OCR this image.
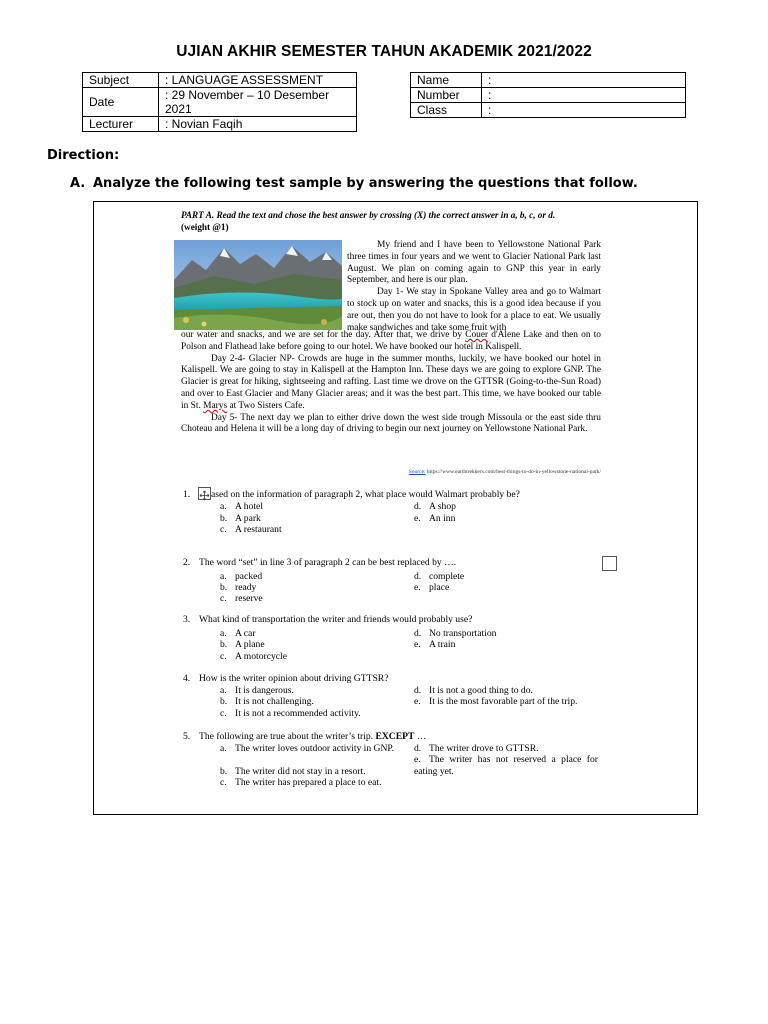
UJIAN AKHIR SEMESTER TAHUN AKADEMIK 2021/2022
Subject	: LANGUAGE ASSESSMENT
Date	: 29 November – 10 Desember 2021
Lecturer	: Novian Faqih
Name	:
Number	:
Class	:
Direction:
A. Analyze the following test sample by answering the questions that follow.
PART A. Read the text and chose the best answer by crossing (X) the correct answer in a, b, c, or d.
(weight @1)
My friend and I have been to Yellowstone National Park three times in four years and we went to Glacier National Park last August. We plan on coming again to GNP this year in early September, and here is our plan.
Day 1- We stay in Spokane Valley area and go to Walmart to stock up on water and snacks, this is a good idea because if you are out, then you do not have to look for a place to eat. We usually make sandwiches and take some fruit with
our water and snacks, and we are set for the day. After that, we drive by Couer d'Alene Lake and then on to Polson and Flathead lake before going to our hotel. We have booked our hotel in Kalispell.
Day 2-4- Glacier NP- Crowds are huge in the summer months, luckily, we have booked our hotel in Kalispell. We are going to stay in Kalispell at the Hampton Inn. These days we are going to explore GNP. The Glacier is great for hiking, sightseeing and rafting. Last time we drove on the GTTSR (Going-to-the-Sun Road) and over to East Glacier and Many Glacier areas; and it was the best part. This time, we have booked our table in St. Marys at Two Sisters Cafe.
Day 5- The next day we plan to either drive down the west side trough Missoula or the east side thru Choteau and Helena it will be a long day of driving to begin our next journey on Yellowstone National Park.
Source: https://www.earthtrekkers.com/best-things-to-do-in-yellowstone-national-park/
1. ased on the information of paragraph 2, what place would Walmart probably be?
a. A hotel	d. A shop
b. A park	e. An inn
c. A restaurant
2. The word “set” in line 3 of paragraph 2 can be best replaced by ….
a. packed	d. complete
b. ready	e. place
c. reserve
3. What kind of transportation the writer and friends would probably use?
a. A car	d. No transportation
b. A plane	e. A train
c. A motorcycle
4. How is the writer opinion about driving GTTSR?
a. It is dangerous.	d. It is not a good thing to do.
b. It is not challenging.	e. It is the most favorable part of the trip.
c. It is not a recommended activity.
5. The following are true about the writer’s trip. EXCEPT …
a. The writer loves outdoor activity in GNP.	d. The writer drove to GTTSR.
b. The writer did not stay in a resort.
e. The writer has not reserved a place for eating yet.
c. The writer has prepared a place to eat.
